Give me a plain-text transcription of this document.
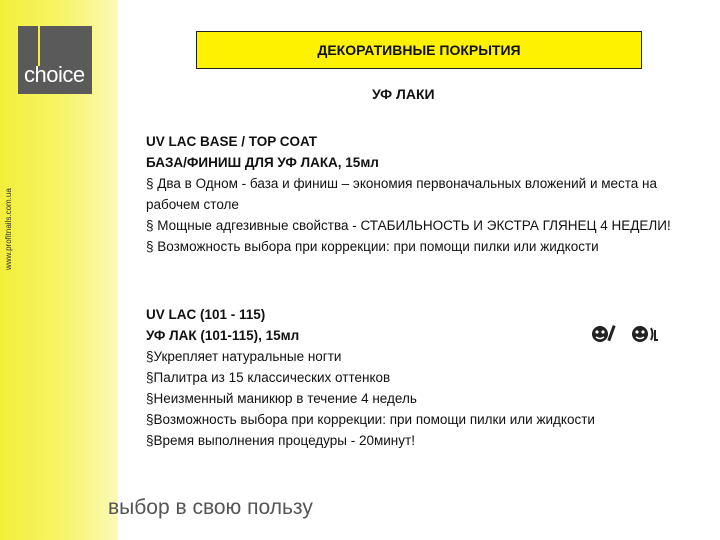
choice
www.profitnails.com.ua
ДЕКОРАТИВНЫЕ ПОКРЫТИЯ
УФ ЛАКИ
UV LAC BASE / TOP COAT
БАЗА/ФИНИШ ДЛЯ УФ ЛАКА, 15мл
§ Два в Одном - база и финиш – экономия первоначальных вложений и места на рабочем столе
§ Мощные адгезивные свойства - СТАБИЛЬНОСТЬ И ЭКСТРА ГЛЯНЕЦ 4 НЕДЕЛИ!
§ Возможность выбора при коррекции: при помощи пилки или жидкости
UV LAC (101 - 115)
УФ ЛАК (101-115), 15мл
§Укрепляет натуральные ногти
§Палитра из 15 классических оттенков
§Неизменный маникюр в течение 4 недель
§Возможность выбора при коррекции: при помощи пилки или жидкости
§Время выполнения процедуры - 20минут!
выбор в свою пользу
